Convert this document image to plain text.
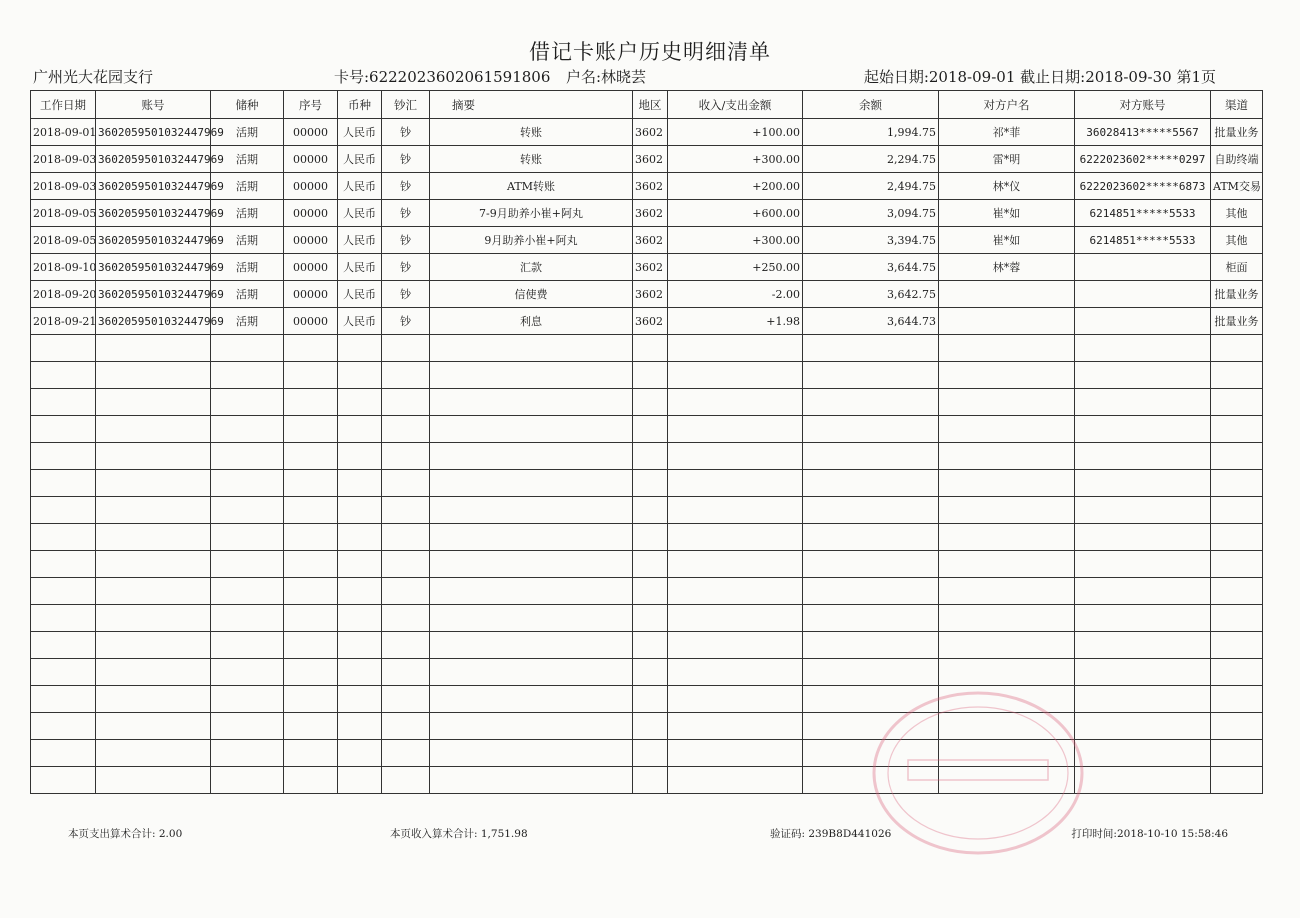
借记卡账户历史明细清单
广州光大花园支行	卡号:6222023602061591806 户名:林晓芸	起始日期:2018-09-01 截止日期:2018-09-30 第1页
工作日期	账号	储种	序号	币种	钞汇	摘要	地区	收入/支出金额	余额	对方户名	对方账号	渠道
2018-09-01	3602059501032447969	活期	00000	人民币	钞	转账	3602	+100.00	1,994.75	祁*菲	36028413*****5567	批量业务
2018-09-03	3602059501032447969	活期	00000	人民币	钞	转账	3602	+300.00	2,294.75	雷*明	6222023602*****0297	自助终端
2018-09-03	3602059501032447969	活期	00000	人民币	钞	ATM转账	3602	+200.00	2,494.75	林*仪	6222023602*****6873	ATM交易
2018-09-05	3602059501032447969	活期	00000	人民币	钞	7-9月助养小崔+阿丸	3602	+600.00	3,094.75	崔*如	6214851*****5533	其他
2018-09-05	3602059501032447969	活期	00000	人民币	钞	9月助养小崔+阿丸	3602	+300.00	3,394.75	崔*如	6214851*****5533	其他
2018-09-10	3602059501032447969	活期	00000	人民币	钞	汇款	3602	+250.00	3,644.75	林*蓉		柜面
2018-09-20	3602059501032447969	活期	00000	人民币	钞	信使费	3602	-2.00	3,642.75			批量业务
2018-09-21	3602059501032447969	活期	00000	人民币	钞	利息	3602	+1.98	3,644.73			批量业务

本页支出算术合计: 2.00	本页收入算术合计: 1,751.98	验证码: 239B8D441026	打印时间:2018-10-10 15:58:46
